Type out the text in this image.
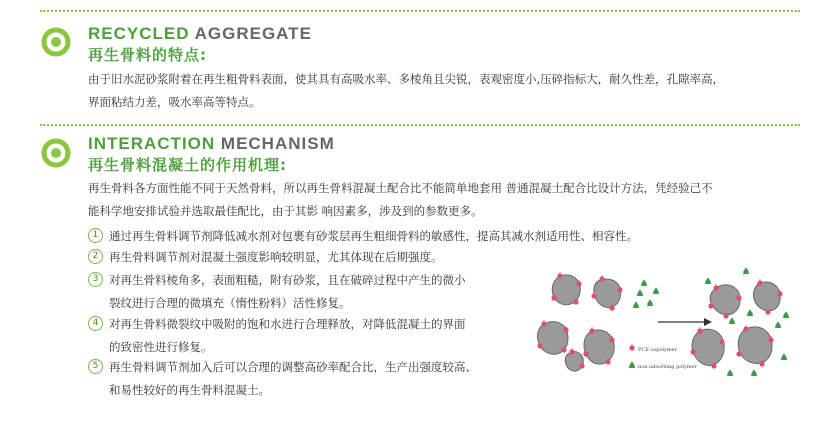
RECYCLED AGGREGATE
再生骨料的特点:
由于旧水泥砂浆附着在再生粗骨料表面，使其具有高吸水率、多棱角且尖锐，表观密度小,压碎指标大，耐久性差，孔隙率高，
界面粘结力差，吸水率高等特点。
INTERACTION MECHANISM
再生骨料混凝土的作用机理:
再生骨料各方面性能不同于天然骨料，所以再生骨料混凝土配合比不能简单地套用 普通混凝土配合比设计方法，凭经验己不
能科学地安排试验并选取最佳配比，由于其影 响因素多，涉及到的参数更多。
1 通过再生骨料调节剂降低减水剂对包裹有砂浆层再生粗细骨料的敏感性，提高其减水剂适用性、相容性。
2 再生骨料调节剂对混凝土强度影响较明显，尤其体现在后期强度。
3 对再生骨料棱角多，表面粗糙，附有砂浆，且在破碎过程中产生的微小
裂纹进行合理的微填充（惰性粉料）活性修复。
4 对再生骨料微裂纹中吸附的饱和水进行合理释放，对降低混凝土的界面
的致密性进行修复。
5 再生骨料调节剂加入后可以合理的调整高砂率配合比，生产出强度较高、
和易性较好的再生骨料混凝土。
PCE copolymer
non-adsorbing polymer
